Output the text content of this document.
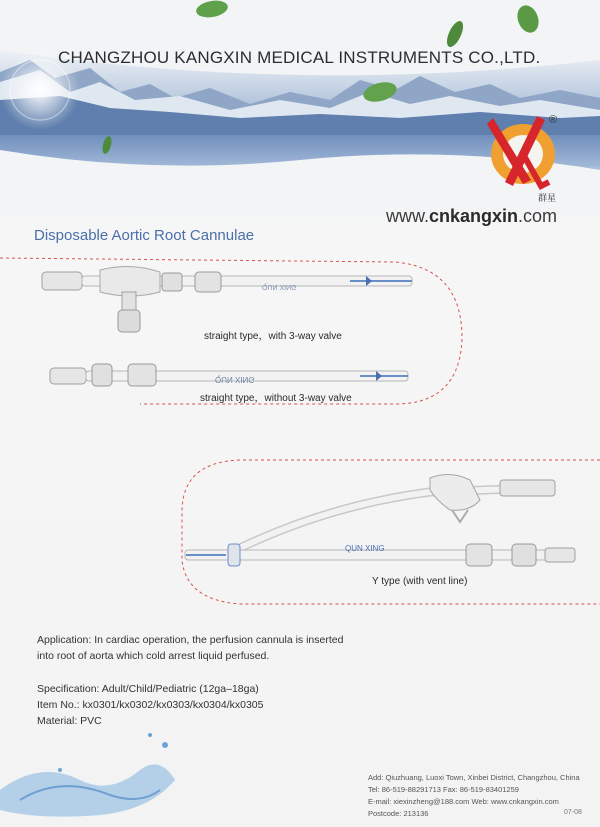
CHANGZHOU KANGXIN MEDICAL INSTRUMENTS CO.,LTD.
®
群星
www.cnkangxin.com
Disposable Aortic Root Cannulae
QUN XING
QUN XING
QUN XING
straight type，with 3-way valve
straight type，without 3-way valve
Y type (with vent line)
Application: In cardiac operation, the perfusion cannula is inserted
into root of aorta which cold arrest liquid perfused.
Specification: Adult/Child/Pediatric (12ga–18ga)
Item No.: kx0301/kx0302/kx0303/kx0304/kx0305
Material: PVC
Add: Qiuzhuang, Luoxi Town, Xinbei District, Changzhou, China
Tel: 86-519-88291713 Fax: 86-519-83401259
E-mail: xiexinzheng@188.com Web: www.cnkangxin.com
Postcode: 213136	07-08
